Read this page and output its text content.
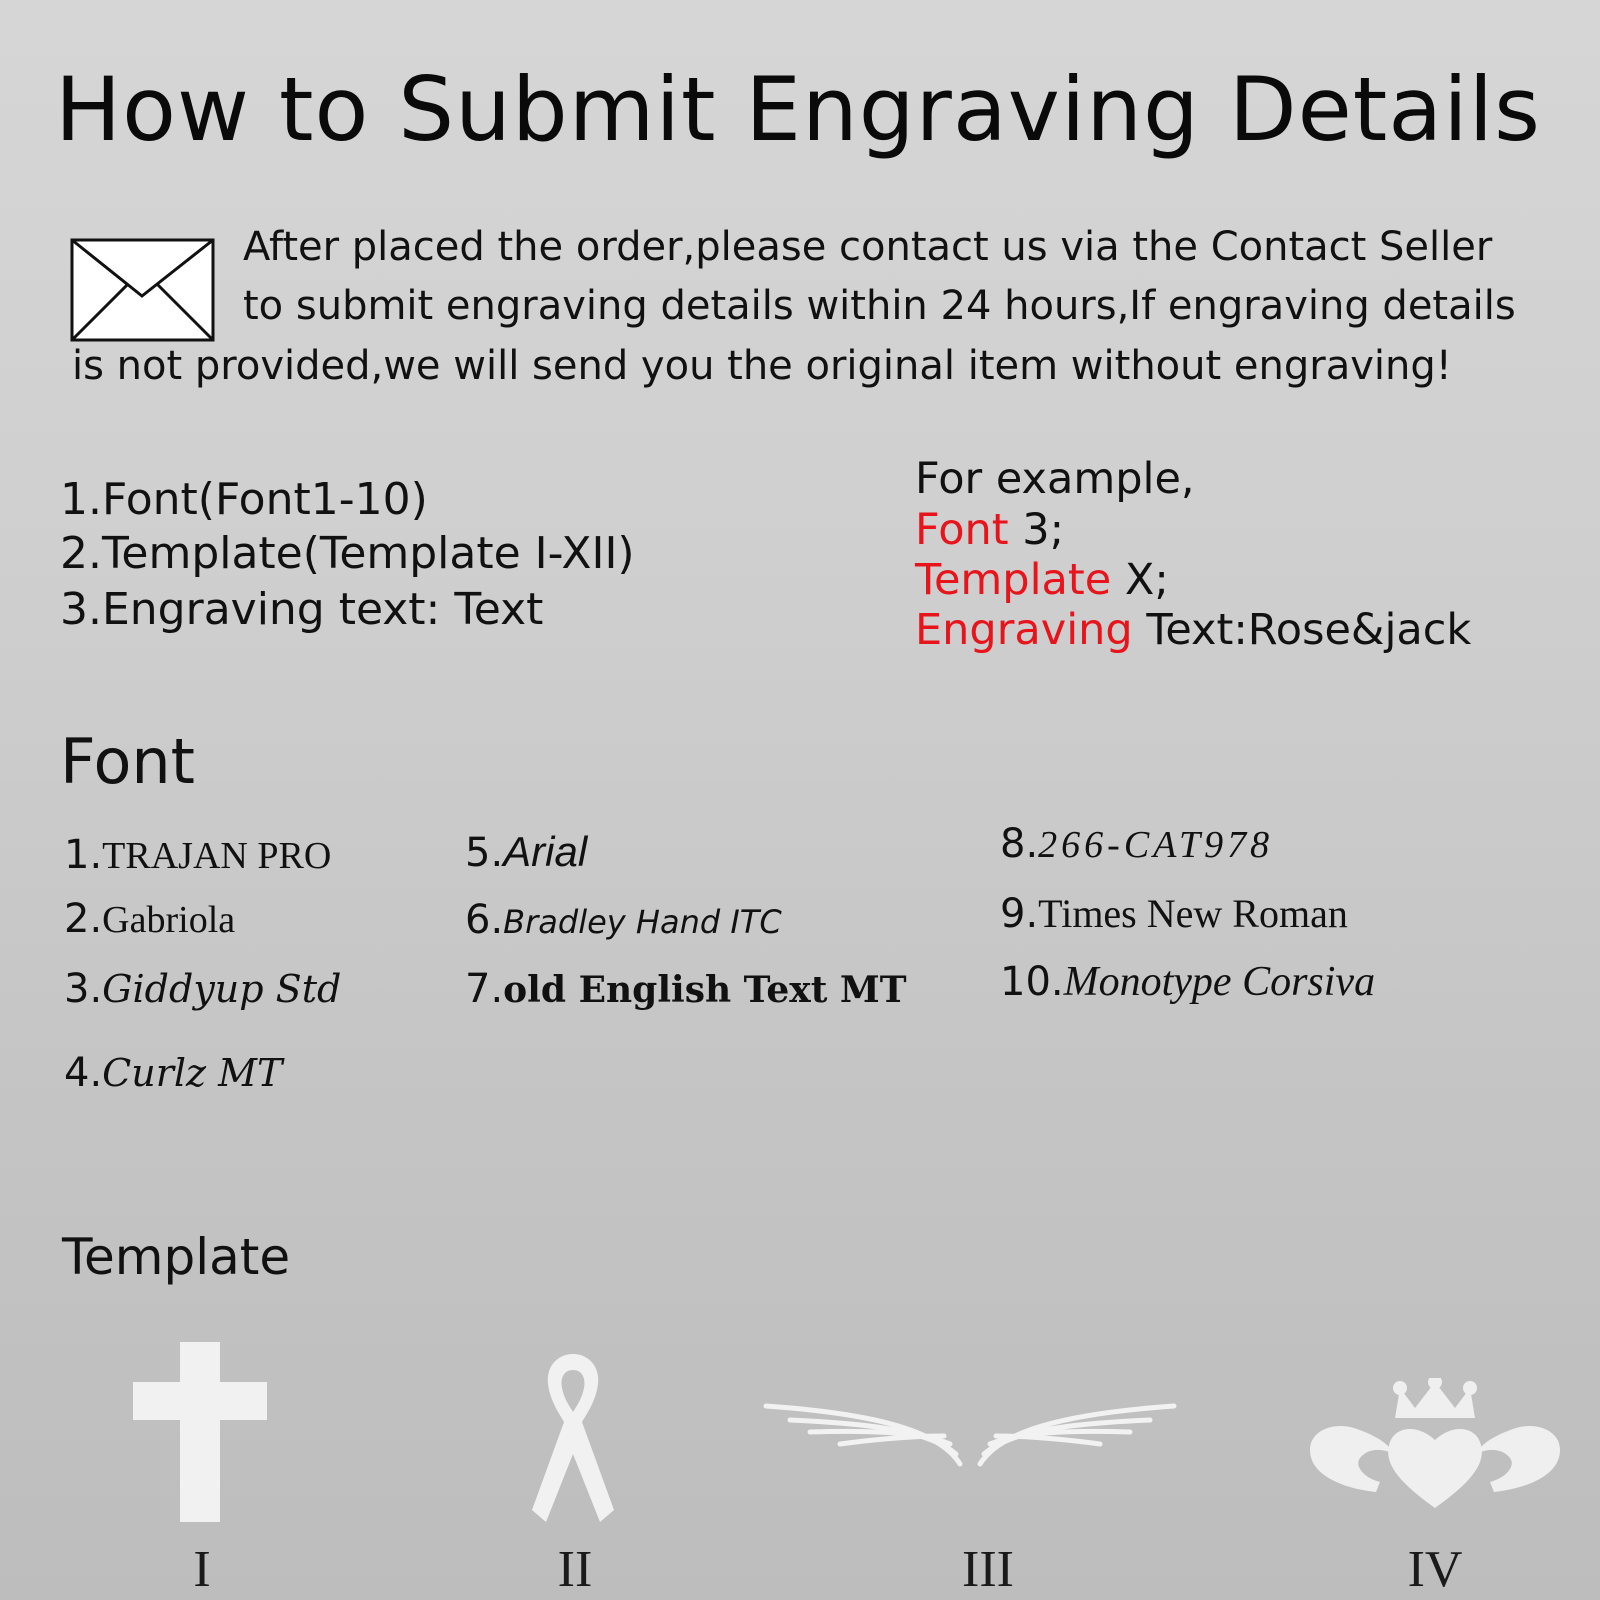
How to Submit Engraving Details
After placed the order,please contact us via the Contact Seller
to submit engraving details within 24 hours,If engraving details
is not provided,we will send you the original item without engraving!
1.Font(Font1-10)
2.Template(Template I-XII)
3.Engraving text: Text
For example,
Font 3;
Template X;
Engraving Text:Rose&jack
Font
1.TRAJAN PRO
2.Gabriola
3.Giddyup Std
4.Curlz MT
5.Arial
6.Bradley Hand ITC
7.old English Text MT
8.266-CAT978
9.Times New Roman
10.Monotype Corsiva
Template
I	II	III	IV
